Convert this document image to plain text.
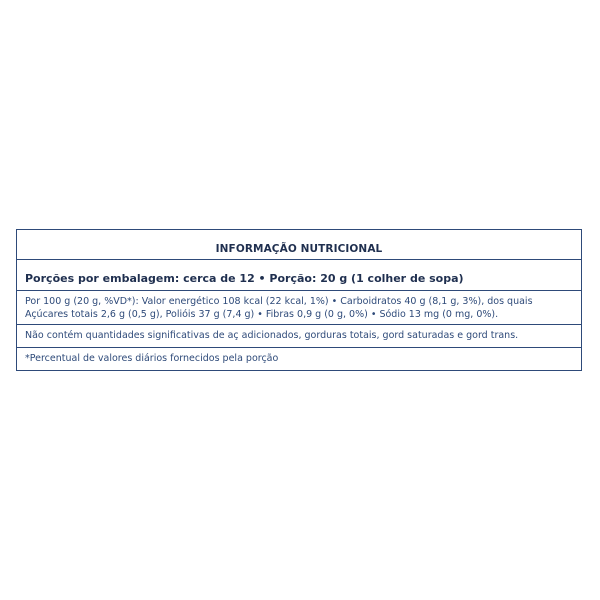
INFORMAÇÃO NUTRICIONAL
Porções por embalagem: cerca de 12 • Porção: 20 g (1 colher de sopa)
Por 100 g (20 g, %VD*): Valor energético 108 kcal (22 kcal, 1%) • Carboidratos 40 g (8,1 g, 3%), dos quais Açúcares totais 2,6 g (0,5 g), Polióis 37 g (7,4 g) • Fibras 0,9 g (0 g, 0%) • Sódio 13 mg (0 mg, 0%).
Não contém quantidades significativas de aç adicionados, gorduras totais, gord saturadas e gord trans.
*Percentual de valores diários fornecidos pela porção
